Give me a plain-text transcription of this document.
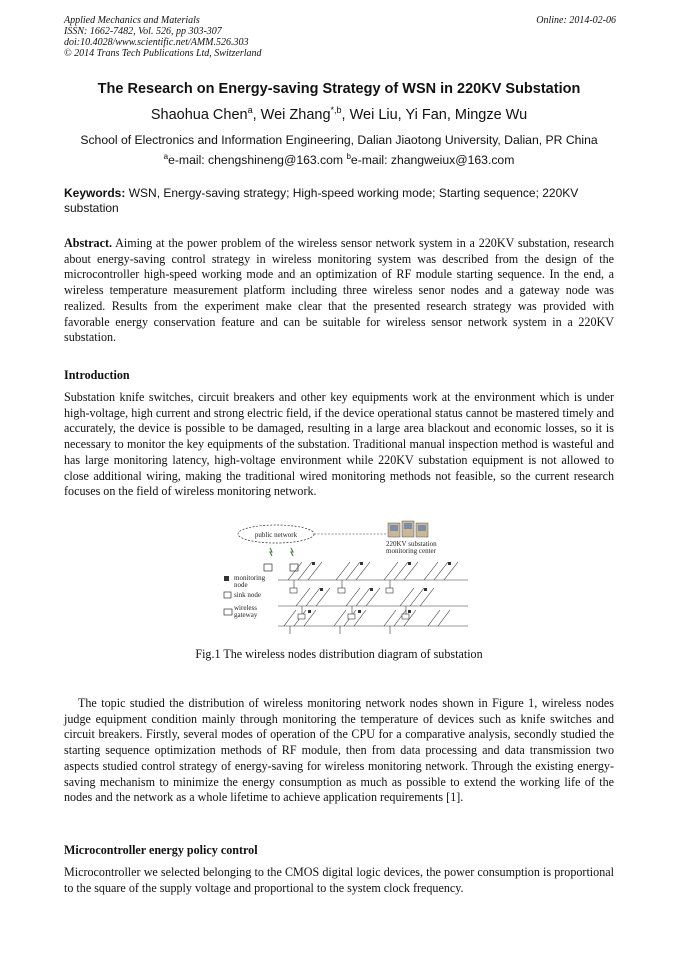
Applied Mechanics and Materials
ISSN: 1662-7482, Vol. 526, pp 303-307
doi:10.4028/www.scientific.net/AMM.526.303
© 2014 Trans Tech Publications Ltd, Switzerland
Online: 2014-02-06
The Research on Energy-saving Strategy of WSN in 220KV Substation
Shaohua Chen$^a$, Wei Zhang$^{*,b}$, Wei Liu, Yi Fan, Mingze Wu
School of Electronics and Information Engineering, Dalian Jiaotong University, Dalian, PR China
$^a$e-mail: chengshineng@163.com $^b$e-mail: zhangweiux@163.com
Keywords: WSN, Energy-saving strategy; High-speed working mode; Starting sequence; 220KV substation
Abstract. Aiming at the power problem of the wireless sensor network system in a 220KV substation, research about energy-saving control strategy in wireless monitoring system was described from the design of the microcontroller high-speed working mode and an optimization of RF module starting sequence. In the end, a wireless temperature measurement platform including three wireless senor nodes and a gateway node was realized. Results from the experiment make clear that the presented research strategy was provided with favorable energy conservation feature and can be suitable for wireless sensor network system in a 220KV substation.
Introduction
Substation knife switches, circuit breakers and other key equipments work at the environment which is under high-voltage, high current and strong electric field, if the device operational status cannot be mastered timely and accurately, the device is possible to be damaged, resulting in a large area blackout and economic losses, so it is necessary to monitor the key equipments of the substation. Traditional manual inspection method is wasteful and has large monitoring latency, high-voltage environment while 220KV substation equipment is not allowed to close additional wiring, making the traditional wired monitoring methods not feasible, so the current research focuses on the field of wireless monitoring network.
public network
220KV substation
monitoring center
monitoring
node
sink node
wireless
gateway
Fig.1 The wireless nodes distribution diagram of substation
The topic studied the distribution of wireless monitoring network nodes shown in Figure 1, wireless nodes judge equipment condition mainly through monitoring the temperature of devices such as knife switches and circuit breakers. Firstly, several modes of operation of the CPU for a comparative analysis, secondly studied the starting sequence optimization methods of RF module, then from data processing and data transmission two aspects studied control strategy of energy-saving for wireless monitoring network. Through the existing energy-saving mechanism to minimize the energy consumption as much as possible to extend the working life of the nodes and the network as a whole lifetime to achieve application requirements [1].
Microcontroller energy policy control
Microcontroller we selected belonging to the CMOS digital logic devices, the power consumption is proportional to the square of the supply voltage and proportional to the system clock frequency.
